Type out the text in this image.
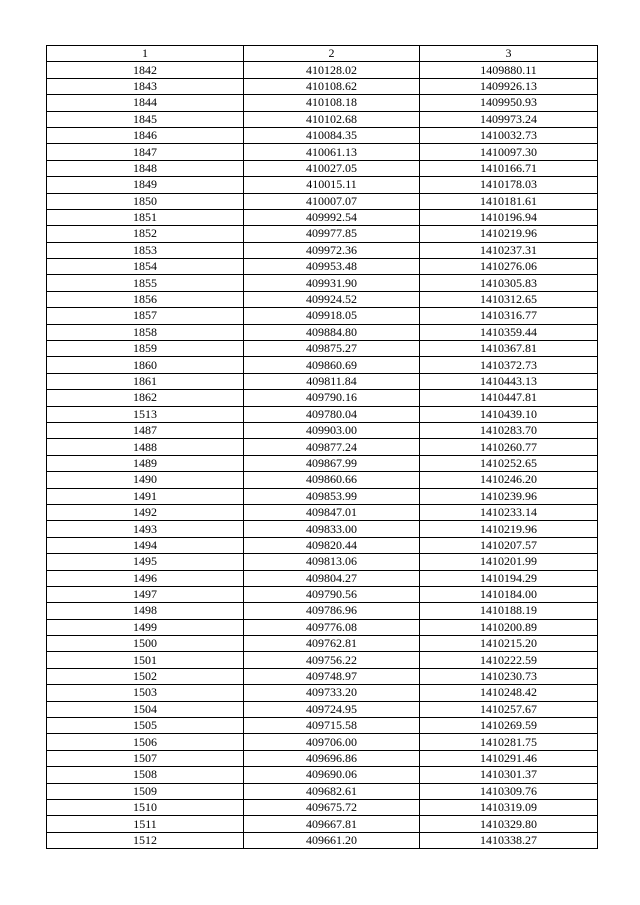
1	2	3
1842	410128.02	1409880.11
1843	410108.62	1409926.13
1844	410108.18	1409950.93
1845	410102.68	1409973.24
1846	410084.35	1410032.73
1847	410061.13	1410097.30
1848	410027.05	1410166.71
1849	410015.11	1410178.03
1850	410007.07	1410181.61
1851	409992.54	1410196.94
1852	409977.85	1410219.96
1853	409972.36	1410237.31
1854	409953.48	1410276.06
1855	409931.90	1410305.83
1856	409924.52	1410312.65
1857	409918.05	1410316.77
1858	409884.80	1410359.44
1859	409875.27	1410367.81
1860	409860.69	1410372.73
1861	409811.84	1410443.13
1862	409790.16	1410447.81
1513	409780.04	1410439.10
1487	409903.00	1410283.70
1488	409877.24	1410260.77
1489	409867.99	1410252.65
1490	409860.66	1410246.20
1491	409853.99	1410239.96
1492	409847.01	1410233.14
1493	409833.00	1410219.96
1494	409820.44	1410207.57
1495	409813.06	1410201.99
1496	409804.27	1410194.29
1497	409790.56	1410184.00
1498	409786.96	1410188.19
1499	409776.08	1410200.89
1500	409762.81	1410215.20
1501	409756.22	1410222.59
1502	409748.97	1410230.73
1503	409733.20	1410248.42
1504	409724.95	1410257.67
1505	409715.58	1410269.59
1506	409706.00	1410281.75
1507	409696.86	1410291.46
1508	409690.06	1410301.37
1509	409682.61	1410309.76
1510	409675.72	1410319.09
1511	409667.81	1410329.80
1512	409661.20	1410338.27
